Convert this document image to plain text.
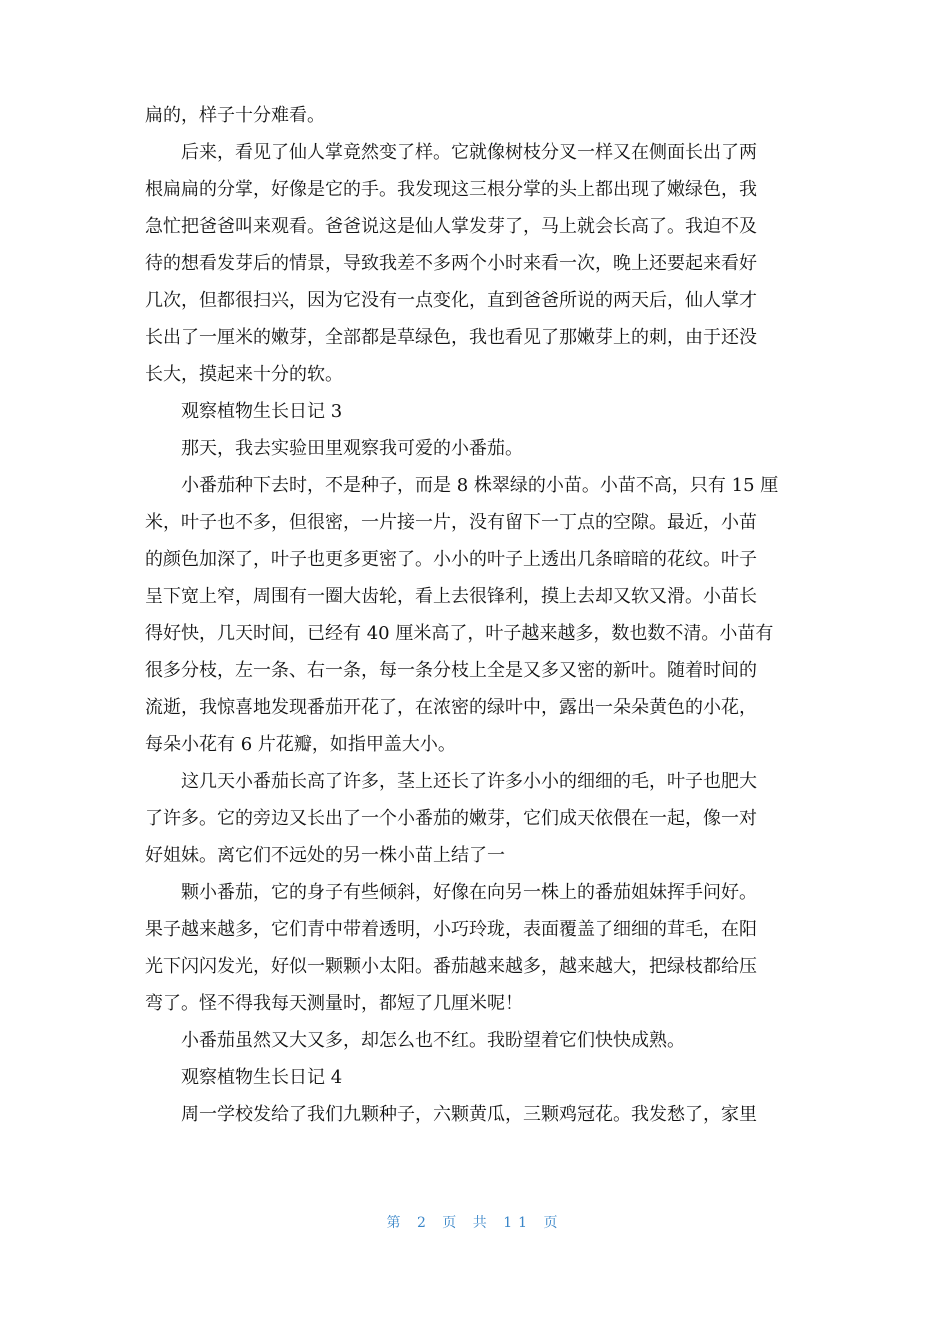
扁的，样子十分难看。
后来，看见了仙人掌竟然变了样。它就像树枝分叉一样又在侧面长出了两
根扁扁的分掌，好像是它的手。我发现这三根分掌的头上都出现了嫩绿色，我
急忙把爸爸叫来观看。爸爸说这是仙人掌发芽了，马上就会长高了。我迫不及
待的想看发芽后的情景，导致我差不多两个小时来看一次，晚上还要起来看好
几次，但都很扫兴，因为它没有一点变化，直到爸爸所说的两天后，仙人掌才
长出了一厘米的嫩芽，全部都是草绿色，我也看见了那嫩芽上的刺，由于还没
长大，摸起来十分的软。
观察植物生长日记 3
那天，我去实验田里观察我可爱的小番茄。
小番茄种下去时，不是种子，而是 8 株翠绿的小苗。小苗不高，只有 15 厘
米，叶子也不多，但很密，一片接一片，没有留下一丁点的空隙。最近，小苗
的颜色加深了，叶子也更多更密了。小小的叶子上透出几条暗暗的花纹。叶子
呈下宽上窄，周围有一圈大齿轮，看上去很锋利，摸上去却又软又滑。小苗长
得好快，几天时间，已经有 40 厘米高了，叶子越来越多，数也数不清。小苗有
很多分枝，左一条、右一条，每一条分枝上全是又多又密的新叶。随着时间的
流逝，我惊喜地发现番茄开花了，在浓密的绿叶中，露出一朵朵黄色的小花，
每朵小花有 6 片花瓣，如指甲盖大小。
这几天小番茄长高了许多，茎上还长了许多小小的细细的毛，叶子也肥大
了许多。它的旁边又长出了一个小番茄的嫩芽，它们成天依偎在一起，像一对
好姐妹。离它们不远处的另一株小苗上结了一
颗小番茄，它的身子有些倾斜，好像在向另一株上的番茄姐妹挥手问好。
果子越来越多，它们青中带着透明，小巧玲珑，表面覆盖了细细的茸毛，在阳
光下闪闪发光，好似一颗颗小太阳。番茄越来越多，越来越大，把绿枝都给压
弯了。怪不得我每天测量时，都短了几厘米呢！
小番茄虽然又大又多，却怎么也不红。我盼望着它们快快成熟。
观察植物生长日记 4
周一学校发给了我们九颗种子，六颗黄瓜，三颗鸡冠花。我发愁了，家里
第 2 页 共 11 页
